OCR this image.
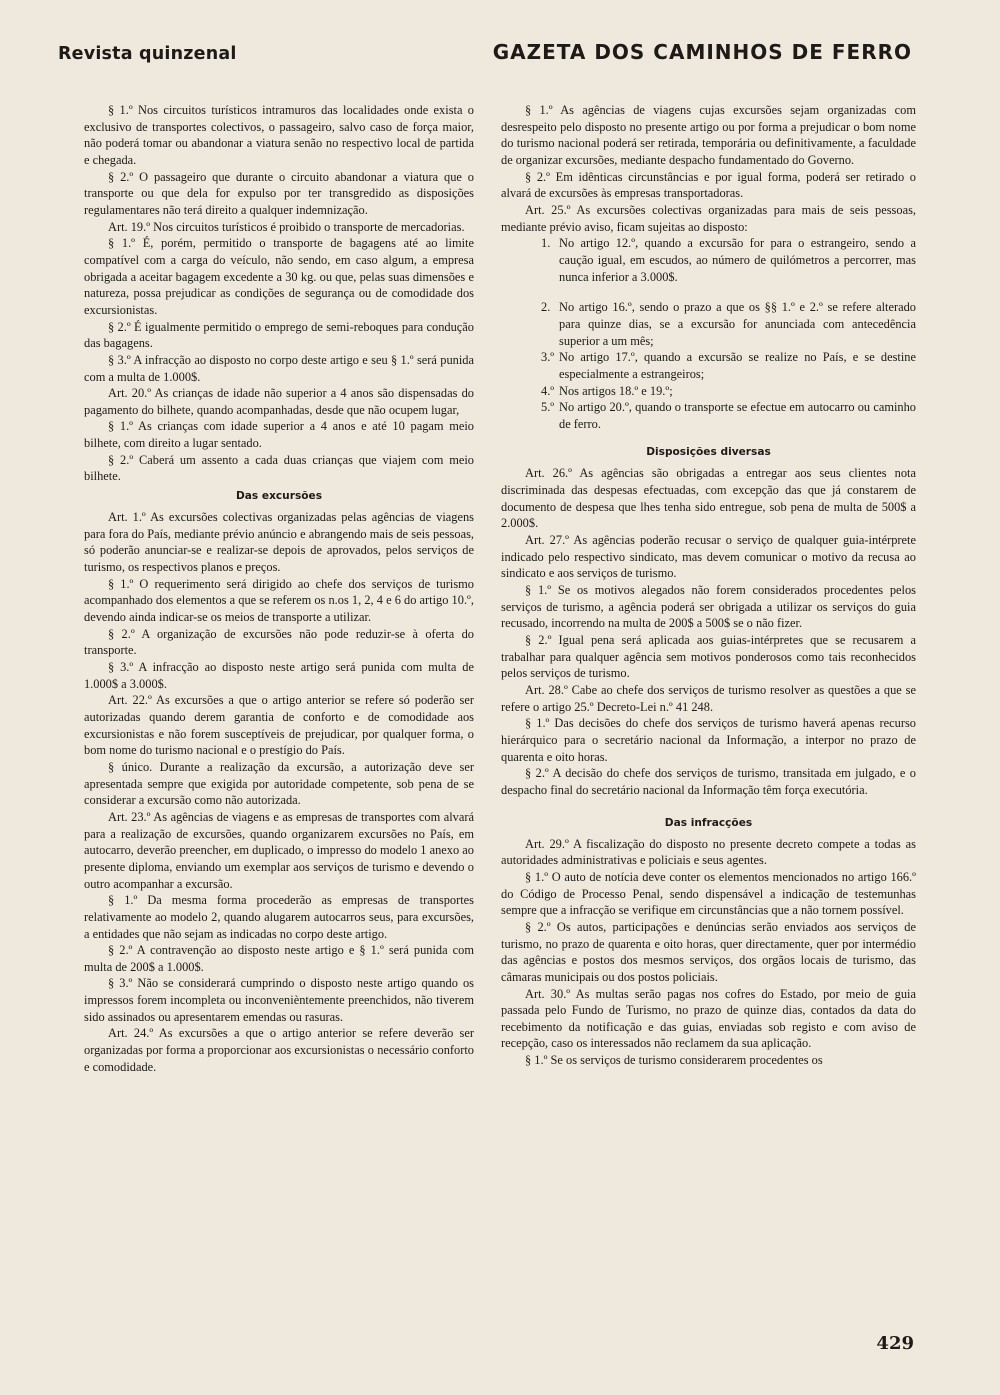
Revista quinzenal	GAZETA DOS CAMINHOS DE FERRO

§ 1.º Nos circuitos turísticos intramuros das localidades onde exista o exclusivo de transportes colectivos, o passageiro, salvo caso de força maior, não poderá tomar ou abandonar a viatura senão no respectivo local de partida e chegada.

§ 2.º O passageiro que durante o circuito abandonar a viatura que o transporte ou que dela for expulso por ter transgredido as disposições regulamentares não terá direito a qualquer indemnização.

Art. 19.º Nos circuitos turísticos é proibido o transporte de mercadorias.

§ 1.º É, porém, permitido o transporte de bagagens até ao limite compatível com a carga do veículo, não sendo, em caso algum, a empresa obrigada a aceitar bagagem excedente a 30 kg. ou que, pelas suas dimensões e natureza, possa prejudicar as condições de segurança ou de comodidade dos excursionistas.

§ 2.º É igualmente permitido o emprego de semi-reboques para condução das bagagens.

§ 3.º A infracção ao disposto no corpo deste artigo e seu § 1.º será punida com a multa de 1.000$.

Art. 20.º As crianças de idade não superior a 4 anos são dispensadas do pagamento do bilhete, quando acompanhadas, desde que não ocupem lugar,

§ 1.º As crianças com idade superior a 4 anos e até 10 pagam meio bilhete, com direito a lugar sentado.

§ 2.º Caberá um assento a cada duas crianças que viajem com meio bilhete.

Das excursões

Art. 1.º As excursões colectivas organizadas pelas agências de viagens para fora do País, mediante prévio anúncio e abrangendo mais de seis pessoas, só poderão anunciar-se e realizar-se depois de aprovados, pelos serviços de turismo, os respectivos planos e preços.

§ 1.º O requerimento será dirigido ao chefe dos serviços de turismo acompanhado dos elementos a que se referem os n.os 1, 2, 4 e 6 do artigo 10.º, devendo ainda indicar-se os meios de transporte a utilizar.

§ 2.º A organização de excursões não pode reduzir-se à oferta do transporte.

§ 3.º A infracção ao disposto neste artigo será punida com multa de 1.000$ a 3.000$.

Art. 22.º As excursões a que o artigo anterior se refere só poderão ser autorizadas quando derem garantia de conforto e de comodidade aos excursionistas e não forem susceptíveis de prejudicar, por qualquer forma, o bom nome do turismo nacional e o prestígio do País.

§ único. Durante a realização da excursão, a autorização deve ser apresentada sempre que exigida por autoridade competente, sob pena de se considerar a excursão como não autorizada.

Art. 23.º As agências de viagens e as empresas de transportes com alvará para a realização de excursões, quando organizarem excursões no País, em autocarro, deverão preencher, em duplicado, o impresso do modelo 1 anexo ao presente diploma, enviando um exemplar aos serviços de turismo e devendo o outro acompanhar a excursão.

§ 1.º Da mesma forma procederão as empresas de transportes relativamente ao modelo 2, quando alugarem autocarros seus, para excursões, a entidades que não sejam as indicadas no corpo deste artigo.

§ 2.º A contravenção ao disposto neste artigo e § 1.º será punida com multa de 200$ a 1.000$.

§ 3.º Não se considerará cumprindo o disposto neste artigo quando os impressos forem incompleta ou inconvenièntemente preenchidos, não tiverem sido assinados ou apresentarem emendas ou rasuras.

Art. 24.º As excursões a que o artigo anterior se refere deverão ser organizadas por forma a proporcionar aos excursionistas o necessário conforto e comodidade.

§ 1.º As agências de viagens cujas excursões sejam organizadas com desrespeito pelo disposto no presente artigo ou por forma a prejudicar o bom nome do turismo nacional poderá ser retirada, temporária ou definitivamente, a faculdade de organizar excursões, mediante despacho fundamentado do Governo.

§ 2.º Em idênticas circunstâncias e por igual forma, poderá ser retirado o alvará de excursões às empresas transportadoras.

Art. 25.º As excursões colectivas organizadas para mais de seis pessoas, mediante prévio aviso, ficam sujeitas ao disposto:

1. No artigo 12.º, quando a excursão for para o estrangeiro, sendo a caução igual, em escudos, ao número de quilómetros a percorrer, mas nunca inferior a 3.000$.
2. No artigo 16.º, sendo o prazo a que os §§ 1.º e 2.º se refere alterado para quinze dias, se a excursão for anunciada com antecedência superior a um mês;
3.º No artigo 17.º, quando a excursão se realize no País, e se destine especialmente a estrangeiros;
4.º Nos artigos 18.º e 19.º;
5.º No artigo 20.º, quando o transporte se efectue em autocarro ou caminho de ferro.
Disposições diversas

Art. 26.º As agências são obrigadas a entregar aos seus clientes nota discriminada das despesas efectuadas, com excepção das que já constarem de documento de despesa que lhes tenha sido entregue, sob pena de multa de 500$ a 2.000$.

Art. 27.º As agências poderão recusar o serviço de qualquer guia-intérprete indicado pelo respectivo sindicato, mas devem comunicar o motivo da recusa ao sindicato e aos serviços de turismo.

§ 1.º Se os motivos alegados não forem considerados procedentes pelos serviços de turismo, a agência poderá ser obrigada a utilizar os serviços do guia recusado, incorrendo na multa de 200$ a 500$ se o não fizer.

§ 2.º Igual pena será aplicada aos guias-intérpretes que se recusarem a trabalhar para qualquer agência sem motivos ponderosos como tais reconhecidos pelos serviços de turismo.

Art. 28.º Cabe ao chefe dos serviços de turismo resolver as questões a que se refere o artigo 25.º Decreto-Lei n.º 41 248.

§ 1.º Das decisões do chefe dos serviços de turismo haverá apenas recurso hierárquico para o secretário nacional da Informação, a interpor no prazo de quarenta e oito horas.

§ 2.º A decisão do chefe dos serviços de turismo, transitada em julgado, e o despacho final do secretário nacional da Informação têm força executória.

Das infracções

Art. 29.º A fiscalização do disposto no presente decreto compete a todas as autoridades administrativas e policiais e seus agentes.

§ 1.º O auto de notícia deve conter os elementos mencionados no artigo 166.º do Código de Processo Penal, sendo dispensável a indicação de testemunhas sempre que a infracção se verifique em circunstâncias que a não tornem possível.

§ 2.º Os autos, participações e denúncias serão enviados aos serviços de turismo, no prazo de quarenta e oito horas, quer directamente, quer por intermédio das agências e postos dos mesmos serviços, dos orgãos locais de turismo, das câmaras municipais ou dos postos policiais.

Art. 30.º As multas serão pagas nos cofres do Estado, por meio de guia passada pelo Fundo de Turismo, no prazo de quinze dias, contados da data do recebimento da notificação e das guias, enviadas sob registo e com aviso de recepção, caso os interessados não reclamem da sua aplicação.

§ 1.º Se os serviços de turismo considerarem procedentes os

429
